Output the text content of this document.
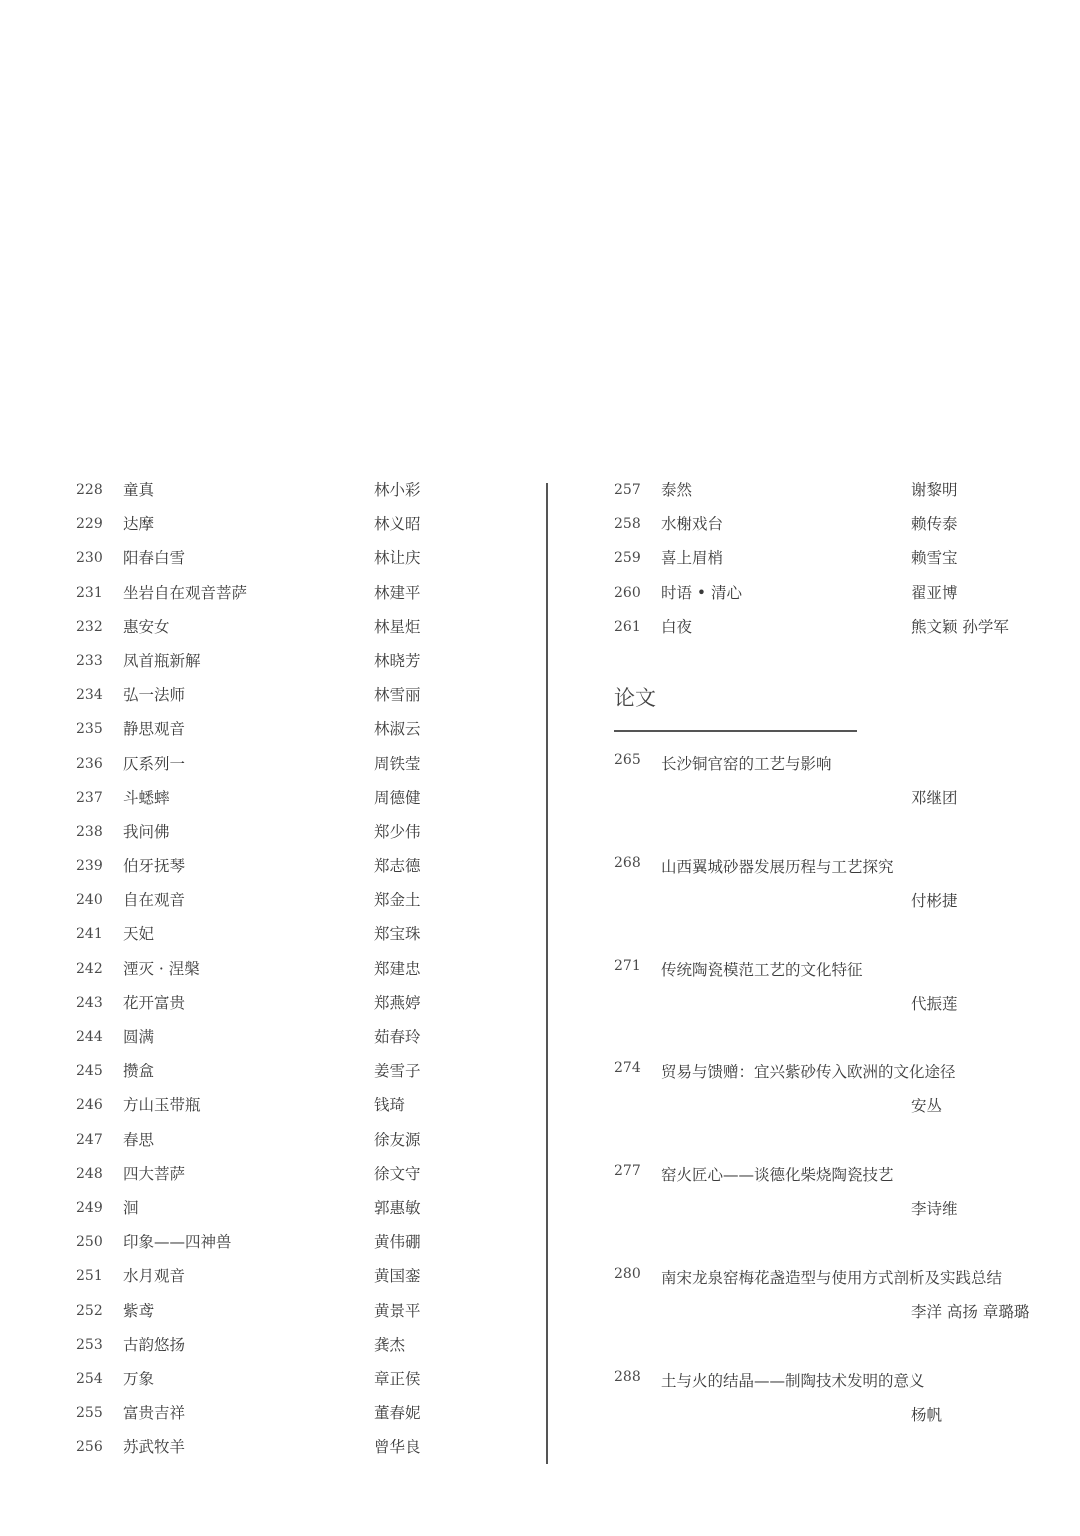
228 童真	林小彩
229 达摩	林义昭
230 阳春白雪	林让庆
231 坐岩自在观音菩萨	林建平
232 惠安女	林星炬
233 凤首瓶新解	林晓芳
234 弘一法师	林雪丽
235 静思观音	林淑云
236 仄系列一	周铁莹
237 斗蟋蟀	周德健
238 我问佛	郑少伟
239 伯牙抚琴	郑志德
240 自在观音	郑金土
241 天妃	郑宝珠
242 湮灭 · 涅槃	郑建忠
243 花开富贵	郑燕婷
244 圆满	茹春玲
245 攒盒	姜雪子
246 方山玉带瓶	钱琦
247 春思	徐友源
248 四大菩萨	徐文守
249 洄	郭惠敏
250 印象——四神兽	黄伟硼
251 水月观音	黄国銮
252 紫鸢	黄景平
253 古韵悠扬	龚杰
254 万象	章正侯
255 富贵吉祥	董春妮
256 苏武牧羊	曾华良
257 泰然	谢黎明
258 水榭戏台	赖传泰
259 喜上眉梢	赖雪宝
260 时语 • 清心	翟亚博
261 白夜	熊文颖 孙学军
论文
265 长沙铜官窑的工艺与影响
邓继团
268 山西翼城砂器发展历程与工艺探究
付彬捷
271 传统陶瓷模范工艺的文化特征
代振莲
274 贸易与馈赠：宜兴紫砂传入欧洲的文化途径
安丛
277 窑火匠心——谈德化柴烧陶瓷技艺
李诗维
280 南宋龙泉窑梅花盏造型与使用方式剖析及实践总结
李洋 高扬 章璐璐
288 土与火的结晶——制陶技术发明的意义
杨帆
